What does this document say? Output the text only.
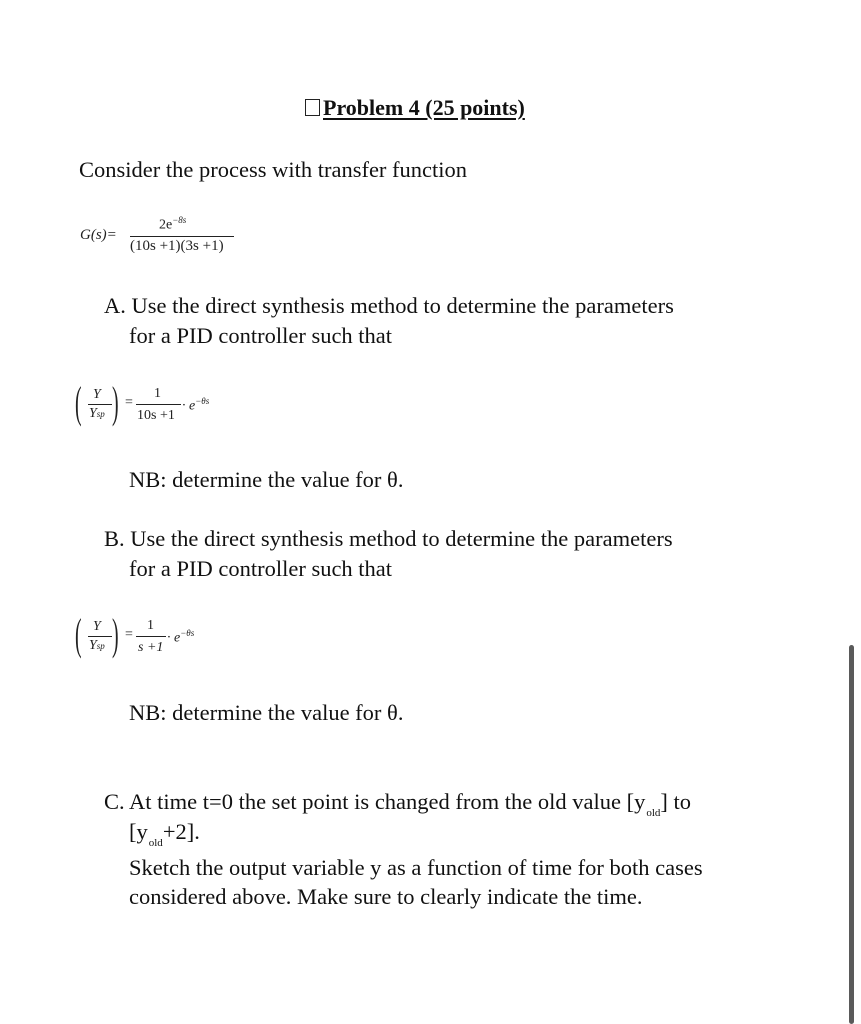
Problem 4 (25 points)
Consider the process with transfer function
G(s)=
$2e^{-8s}$
(10s +1)(3s +1)
A. Use the direct synthesis method to determine the parameters
for a PID controller such that
( Y
Ysp ) =
1
10s +1
· $e^{-\theta s}$
NB: determine the value for θ.
B. Use the direct synthesis method to determine the parameters
for a PID controller such that
( Y
Ysp ) =
1
s +1
· $e^{-\theta s}$
NB: determine the value for θ.
C. At time t=0 the set point is changed from the old value $[y_{old}]$ to
$[y_{old}+2]$.
Sketch the output variable y as a function of time for both cases
considered above. Make sure to clearly indicate the time.
